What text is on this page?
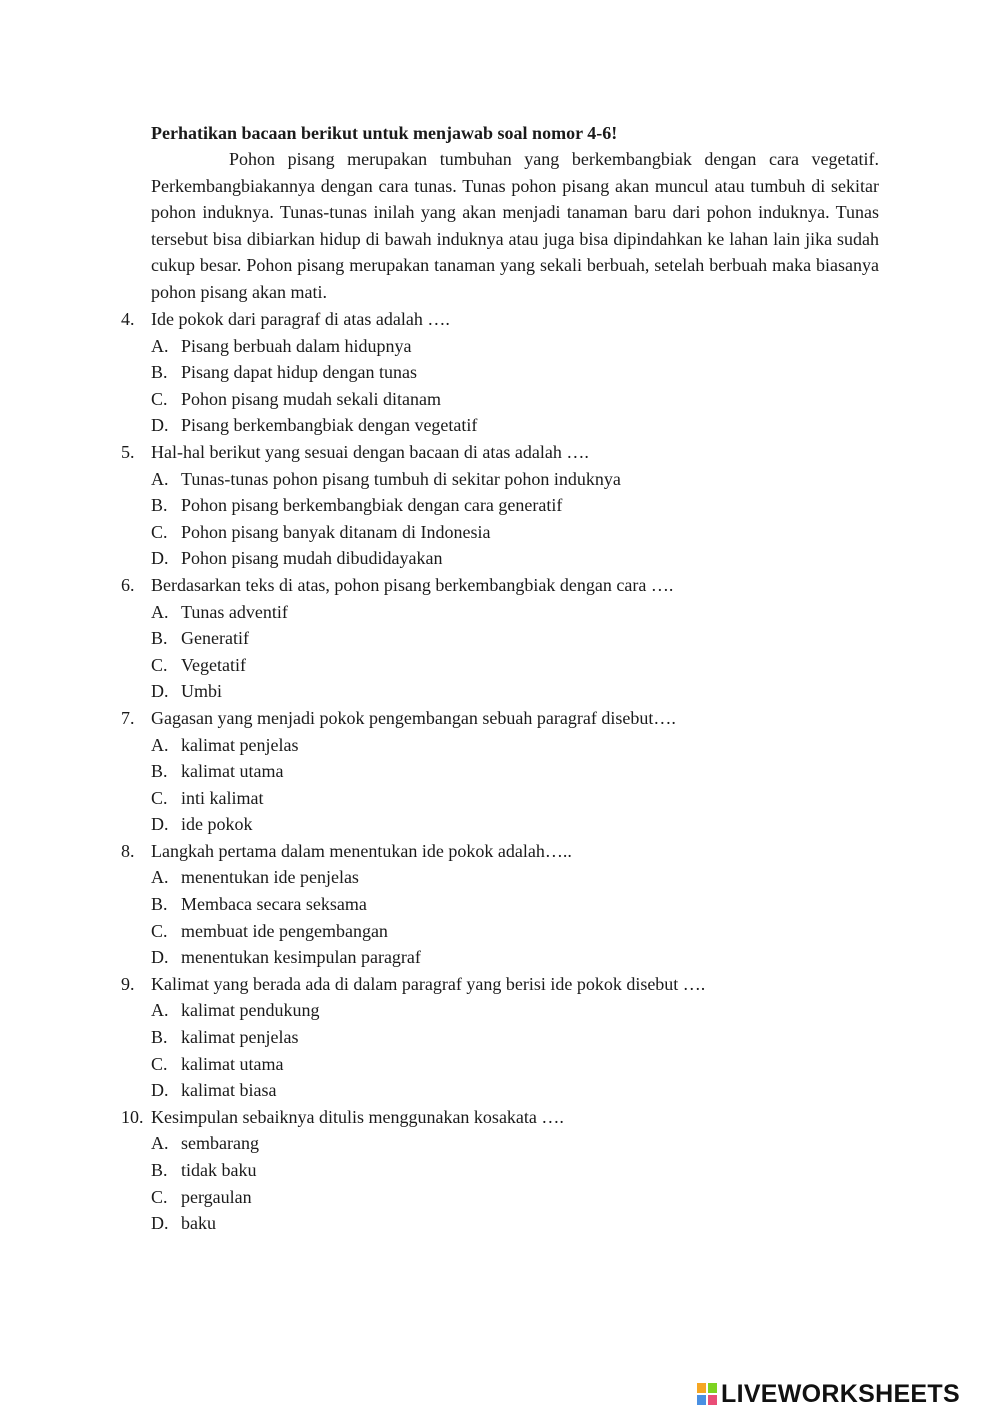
Perhatikan bacaan berikut untuk menjawab soal nomor 4-6!

Pohon pisang merupakan tumbuhan yang berkembangbiak dengan cara vegetatif. Perkembangbiakannya dengan cara tunas. Tunas pohon pisang akan muncul atau tumbuh di sekitar pohon induknya. Tunas-tunas inilah yang akan menjadi tanaman baru dari pohon induknya. Tunas tersebut bisa dibiarkan hidup di bawah induknya atau juga bisa dipindahkan ke lahan lain jika sudah cukup besar. Pohon pisang merupakan tanaman yang sekali berbuah, setelah berbuah maka biasanya pohon pisang akan mati.

4. Ide pokok dari paragraf di atas adalah ….
A. Pisang berbuah dalam hidupnya
B. Pisang dapat hidup dengan tunas
C. Pohon pisang mudah sekali ditanam
D. Pisang berkembangbiak dengan vegetatif
5. Hal-hal berikut yang sesuai dengan bacaan di atas adalah ….
A. Tunas-tunas pohon pisang tumbuh di sekitar pohon induknya
B. Pohon pisang berkembangbiak dengan cara generatif
C. Pohon pisang banyak ditanam di Indonesia
D. Pohon pisang mudah dibudidayakan
6. Berdasarkan teks di atas, pohon pisang berkembangbiak dengan cara ….
A. Tunas adventif
B. Generatif
C. Vegetatif
D. Umbi
7. Gagasan yang menjadi pokok pengembangan sebuah paragraf disebut….
A. kalimat penjelas
B. kalimat utama
C. inti kalimat
D. ide pokok
8. Langkah pertama dalam menentukan ide pokok adalah…..
A. menentukan ide penjelas
B. Membaca secara seksama
C. membuat ide pengembangan
D. menentukan kesimpulan paragraf
9. Kalimat yang berada ada di dalam paragraf yang berisi ide pokok disebut ….
A. kalimat pendukung
B. kalimat penjelas
C. kalimat utama
D. kalimat biasa
10. Kesimpulan sebaiknya ditulis menggunakan kosakata ….
A. sembarang
B. tidak baku
C. pergaulan
D. baku
LIVEWORKSHEETS
